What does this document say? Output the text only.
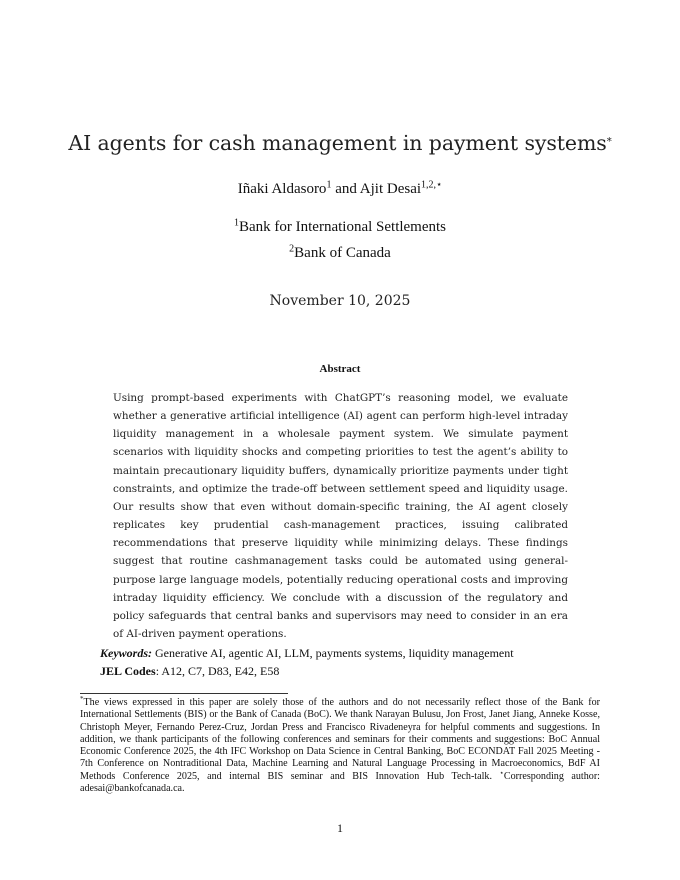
AI agents for cash management in payment systems*
Iñaki Aldasoro$^1$ and Ajit Desai$^{1,2,⋆}$
$^1$Bank for International Settlements
$^2$Bank of Canada
November 10, 2025
Abstract
Using prompt-based experiments with ChatGPT’s reasoning model, we evaluate whether a generative artificial intelligence (AI) agent can perform high-level intraday liquidity management in a wholesale payment system. We simulate payment scenarios with liquidity shocks and competing priorities to test the agent’s ability to maintain precautionary liquidity buffers, dynamically prioritize payments under tight constraints, and optimize the trade-off between settlement speed and liquidity usage. Our results show that even without domain-specific training, the AI agent closely replicates key prudential cash-management practices, issuing calibrated recommendations that preserve liquidity while minimizing delays. These findings suggest that routine cashmanagement tasks could be automated using general-purpose large language models, potentially reducing operational costs and improving intraday liquidity efficiency. We conclude with a discussion of the regulatory and policy safeguards that central banks and supervisors may need to consider in an era of AI-driven payment operations.
Keywords: Generative AI, agentic AI, LLM, payments systems, liquidity management
JEL Codes: A12, C7, D83, E42, E58
*The views expressed in this paper are solely those of the authors and do not necessarily reflect those of the Bank for International Settlements (BIS) or the Bank of Canada (BoC). We thank Narayan Bulusu, Jon Frost, Janet Jiang, Anneke Kosse, Christoph Meyer, Fernando Perez-Cruz, Jordan Press and Francisco Rivadeneyra for helpful comments and suggestions. In addition, we thank participants of the following conferences and seminars for their comments and suggestions: BoC Annual Economic Conference 2025, the 4th IFC Workshop on Data Science in Central Banking, BoC ECONDAT Fall 2025 Meeting - 7th Conference on Nontraditional Data, Machine Learning and Natural Language Processing in Macroeconomics, BdF AI Methods Conference 2025, and internal BIS seminar and BIS Innovation Hub Tech-talk. ⋆Corresponding author: adesai@bankofcanada.ca.
1
